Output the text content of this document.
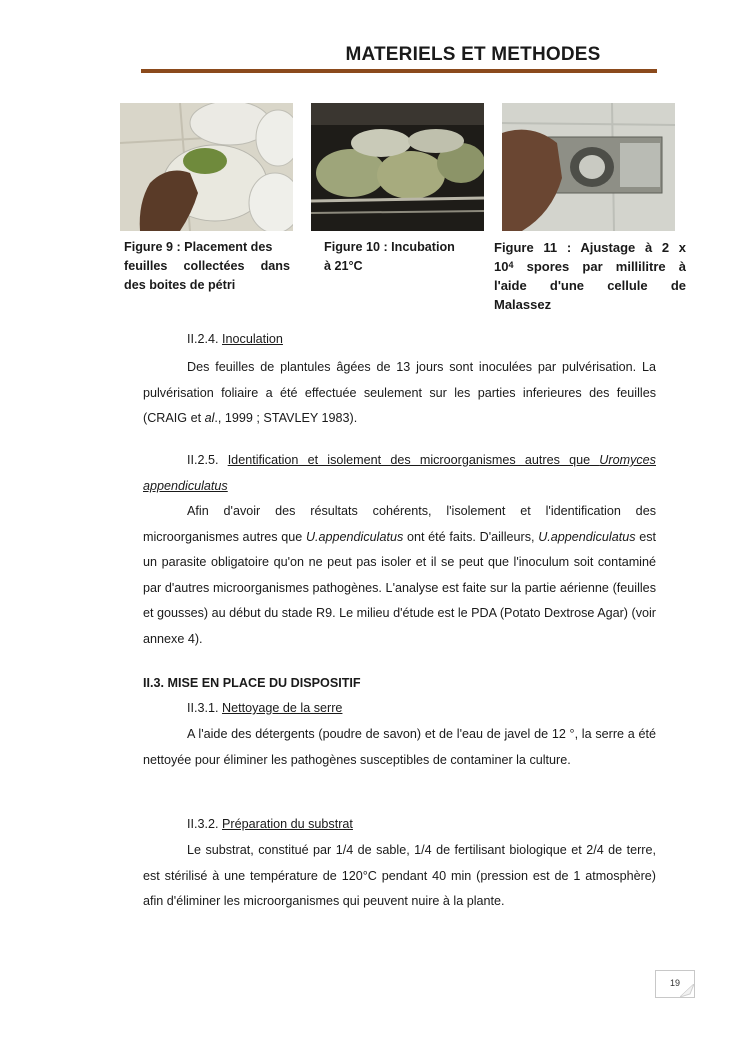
MATERIELS ET METHODES
Figure 9 : Placement des
feuilles collectées dans
des boites de pétri
Figure 10 : Incubation
à 21°C
Figure 11 : Ajustage à 2 x
$10^4$ spores par millilitre à
l'aide d'une cellule de
Malassez
II.2.4. Inoculation
Des feuilles de plantules âgées de 13 jours sont inoculées par pulvérisation. La pulvérisation foliaire a été effectuée seulement sur les parties inferieures des feuilles (CRAIG et al., 1999 ; STAVLEY 1983).
II.2.5. Identification et isolement des microorganismes autres que Uromyces appendiculatus
Afin d'avoir des résultats cohérents, l'isolement et l'identification des microorganismes autres que U.appendiculatus ont été faits. D'ailleurs, U.appendiculatus est un parasite obligatoire qu'on ne peut pas isoler et il se peut que l'inoculum soit contaminé par d'autres microorganismes pathogènes. L'analyse est faite sur la partie aérienne (feuilles et gousses) au début du stade R9. Le milieu d'étude est le PDA (Potato Dextrose Agar) (voir annexe 4).
II.3. MISE EN PLACE DU DISPOSITIF
II.3.1. Nettoyage de la serre
A l'aide des détergents (poudre de savon) et de l'eau de javel de 12 °, la serre a été nettoyée pour éliminer les pathogènes susceptibles de contaminer la culture.
II.3.2. Préparation du substrat
Le substrat, constitué par 1/4 de sable, 1/4 de fertilisant biologique et 2/4 de terre, est stérilisé à une température de 120°C pendant 40 min (pression est de 1 atmosphère) afin d'éliminer les microorganismes qui peuvent nuire à la plante.
19
